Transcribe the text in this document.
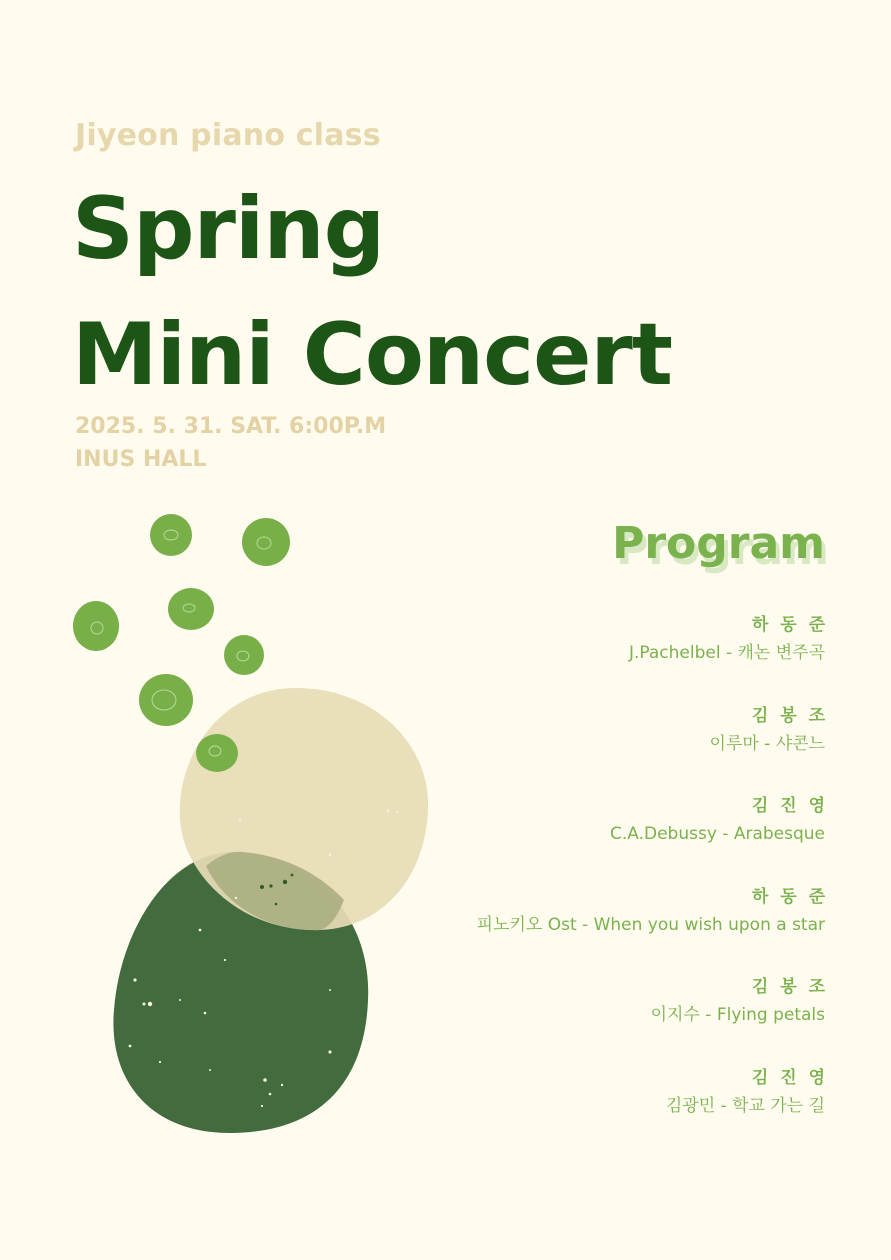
Jiyeon piano class
Spring
Mini Concert
2025. 5. 31. SAT. 6:00P.M
INUS HALL
Program
하 동 준
J.Pachelbel - 캐논 변주곡
김 봉 조
이루마 - 샤콘느
김 진 영
C.A.Debussy - Arabesque
하 동 준
피노키오 Ost - When you wish upon a star
김 봉 조
이지수 - Flying petals
김 진 영
김광민 - 학교 가는 길
